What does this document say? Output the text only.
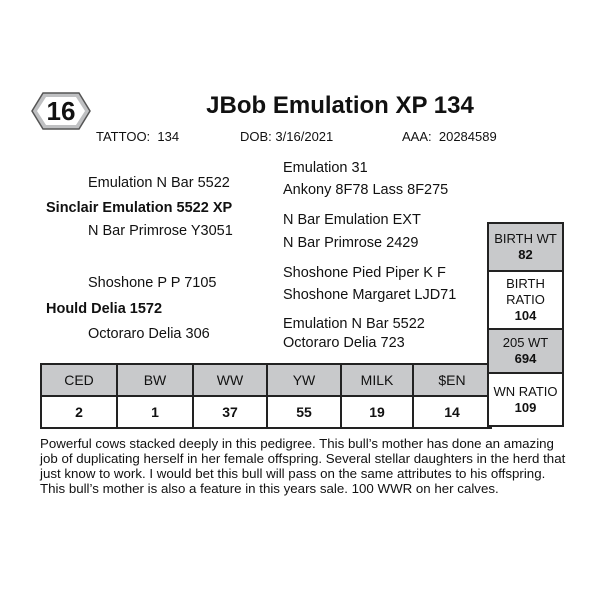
16	JBob Emulation XP 134
TATTOO: 134	DOB: 3/16/2021	AAA: 20284589
Emulation 31
Emulation N Bar 5522	Ankony 8F78 Lass 8F275
Sinclair Emulation 5522 XP
N Bar Emulation EXT
N Bar Primrose Y3051
N Bar Primrose 2429
Shoshone Pied Piper K F
Shoshone P P 7105
Shoshone Margaret LJD71
Hould Delia 1572
Emulation N Bar 5522
Octoraro Delia 306
Octoraro Delia 723
CED	BW	WW	YW	MILK	$EN
2	1	37	55	19	14
BIRTH WT
82
BIRTH
RATIO
104
205 WT
694
WN RATIO
109
Powerful cows stacked deeply in this pedigree. This bull’s mother has done an amazing job of duplicating herself in her female offspring. Several stellar daughters in the herd that just know to work. I would bet this bull will pass on the same attributes to his offspring. This bull’s mother is also a feature in this years sale. 100 WWR on her calves.
